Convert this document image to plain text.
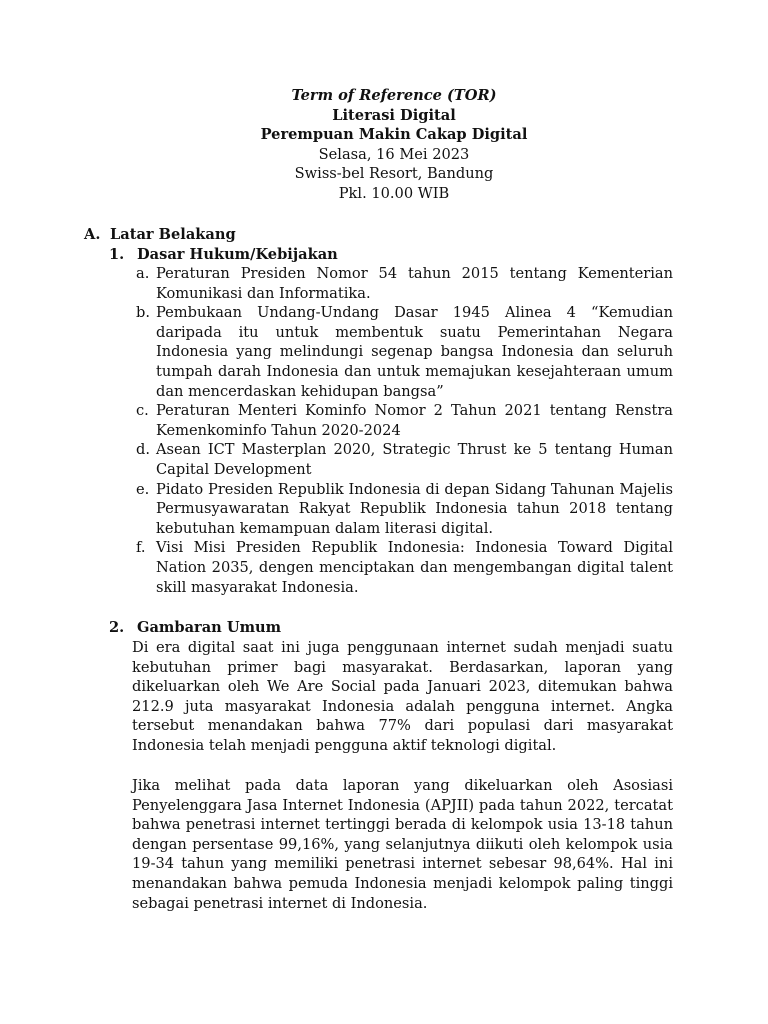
Term of Reference (TOR)
Literasi Digital
Perempuan Makin Cakap Digital
Selasa, 16 Mei 2023
Swiss-bel Resort, Bandung
Pkl. 10.00 WIB
A. Latar Belakang
1. Dasar Hukum/Kebijakan
a. Peraturan Presiden Nomor 54 tahun 2015 tentang Kementerian Komunikasi dan Informatika.
b. Pembukaan Undang-Undang Dasar 1945 Alinea 4 “Kemudian daripada itu untuk membentuk suatu Pemerintahan Negara Indonesia yang melindungi segenap bangsa Indonesia dan seluruh tumpah darah Indonesia dan untuk memajukan kesejahteraan umum dan mencerdaskan kehidupan bangsa”
c. Peraturan Menteri Kominfo Nomor 2 Tahun 2021 tentang Renstra Kemenkominfo Tahun 2020-2024
d. Asean ICT Masterplan 2020, Strategic Thrust ke 5 tentang Human Capital Development
e. Pidato Presiden Republik Indonesia di depan Sidang Tahunan Majelis Permusyawaratan Rakyat Republik Indonesia tahun 2018 tentang kebutuhan kemampuan dalam literasi digital.
f. Visi Misi Presiden Republik Indonesia: Indonesia Toward Digital Nation 2035, dengen menciptakan dan mengembangan digital talent skill masyarakat Indonesia.
2. Gambaran Umum

Di era digital saat ini juga penggunaan internet sudah menjadi suatu kebutuhan primer bagi masyarakat. Berdasarkan, laporan yang dikeluarkan oleh We Are Social pada Januari 2023, ditemukan bahwa 212.9 juta masyarakat Indonesia adalah pengguna internet. Angka tersebut menandakan bahwa 77% dari populasi dari masyarakat Indonesia telah menjadi pengguna aktif teknologi digital.

Jika melihat pada data laporan yang dikeluarkan oleh Asosiasi Penyelenggara Jasa Internet Indonesia (APJII) pada tahun 2022, tercatat bahwa penetrasi internet tertinggi berada di kelompok usia 13-18 tahun dengan persentase 99,16%, yang selanjutnya diikuti oleh kelompok usia 19-34 tahun yang memiliki penetrasi internet sebesar 98,64%. Hal ini menandakan bahwa pemuda Indonesia menjadi kelompok paling tinggi sebagai penetrasi internet di Indonesia.
